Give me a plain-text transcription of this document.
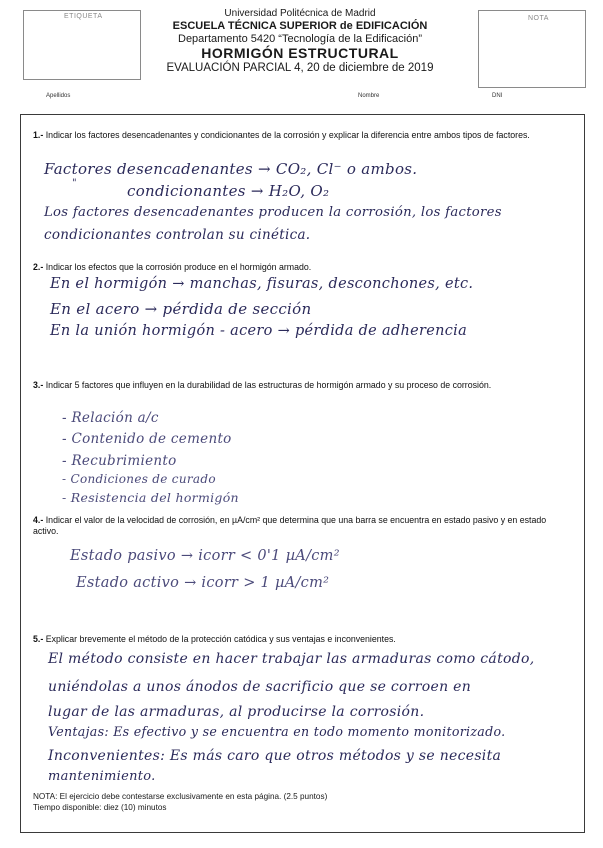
ETIQUETA	NOTA
Universidad Politécnica de Madrid
ESCUELA TÉCNICA SUPERIOR de EDIFICACIÓN
Departamento 5420 “Tecnología de la Edificación”
HORMIGÓN ESTRUCTURAL
EVALUACIÓN PARCIAL 4, 20 de diciembre de 2019
Apellidos	Nombre	DNI
1.- Indicar los factores desencadenantes y condicionantes de la corrosión y explicar la diferencia entre ambos tipos de factores.
Factores desencadenantes → CO₂, Cl⁻ o ambos.
"	condicionantes → H₂O, O₂
Los factores desencadenantes producen la corrosión, los factores
condicionantes controlan su cinética.
2.- Indicar los efectos que la corrosión produce en el hormigón armado.
En el hormigón → manchas, fisuras, desconchones, etc.
En el acero → pérdida de sección
En la unión hormigón - acero → pérdida de adherencia
3.- Indicar 5 factores que influyen en la durabilidad de las estructuras de hormigón armado y su proceso de corrosión.
- Relación a/c
- Contenido de cemento
- Recubrimiento
- Condiciones de curado
- Resistencia del hormigón
4.- Indicar el valor de la velocidad de corrosión, en µA/cm² que determina que una barra se encuentra en estado pasivo y en estado activo.
Estado pasivo → icorr < 0'1 µA/cm²
Estado activo → icorr > 1 µA/cm²
5.- Explicar brevemente el método de la protección catódica y sus ventajas e inconvenientes.
El método consiste en hacer trabajar las armaduras como cátodo,
uniéndolas a unos ánodos de sacrificio que se corroen en
lugar de las armaduras, al producirse la corrosión.
Ventajas: Es efectivo y se encuentra en todo momento monitorizado.
Inconvenientes: Es más caro que otros métodos y se necesita
mantenimiento.
NOTA: El ejercicio debe contestarse exclusivamente en esta página. (2.5 puntos)
Tiempo disponible: diez (10) minutos
